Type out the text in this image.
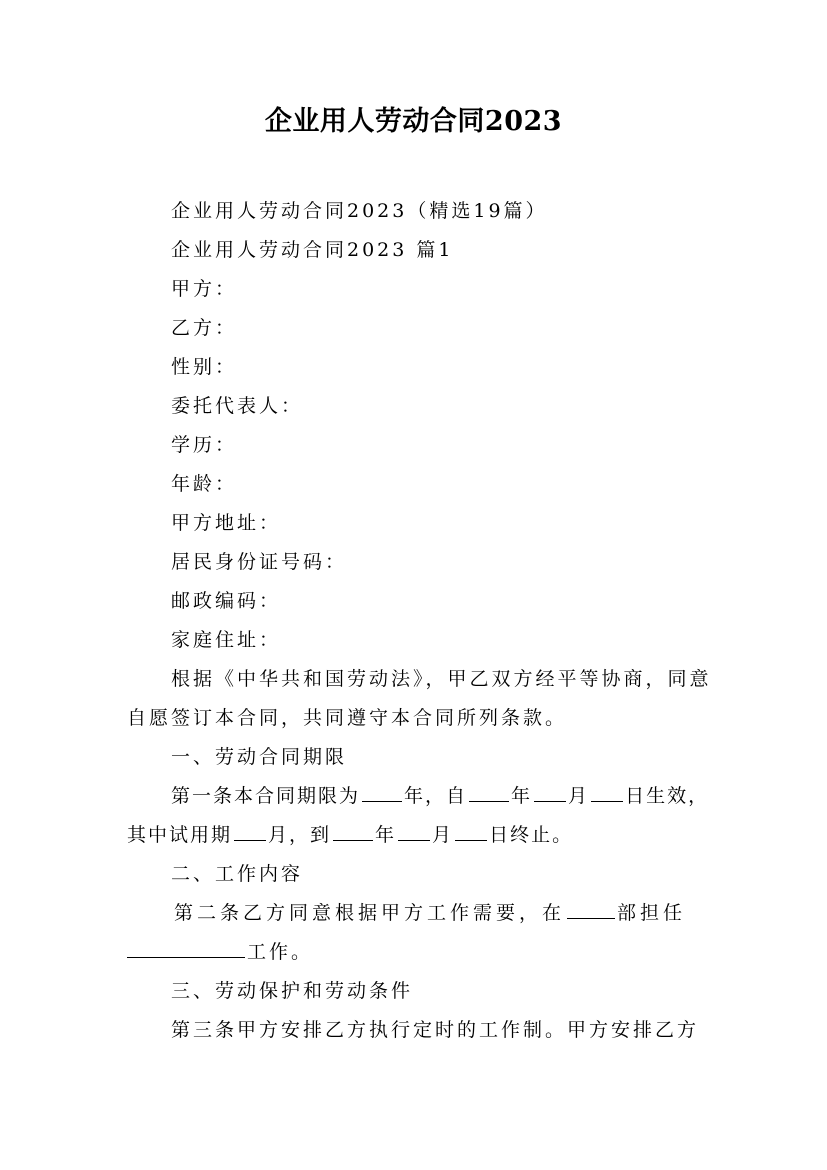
企业用人劳动合同2023
企业用人劳动合同2023（精选19篇）
企业用人劳动合同2023 篇1
甲方：
乙方：
性别：
委托代表人：
学历：
年龄：
甲方地址：
居民身份证号码：
邮政编码：
家庭住址：
根据《中华共和国劳动法》，甲乙双方经平等协商，同意
自愿签订本合同，共同遵守本合同所列条款。
一、劳动合同期限
第一条本合同期限为 年，自 年 月 日生效，
其中试用期 月，到 年 月 日终止。
二、工作内容
第二条乙方同意根据甲方工作需要，在	部担任
工作。
三、劳动保护和劳动条件
第三条甲方安排乙方执行定时的工作制。甲方安排乙方
